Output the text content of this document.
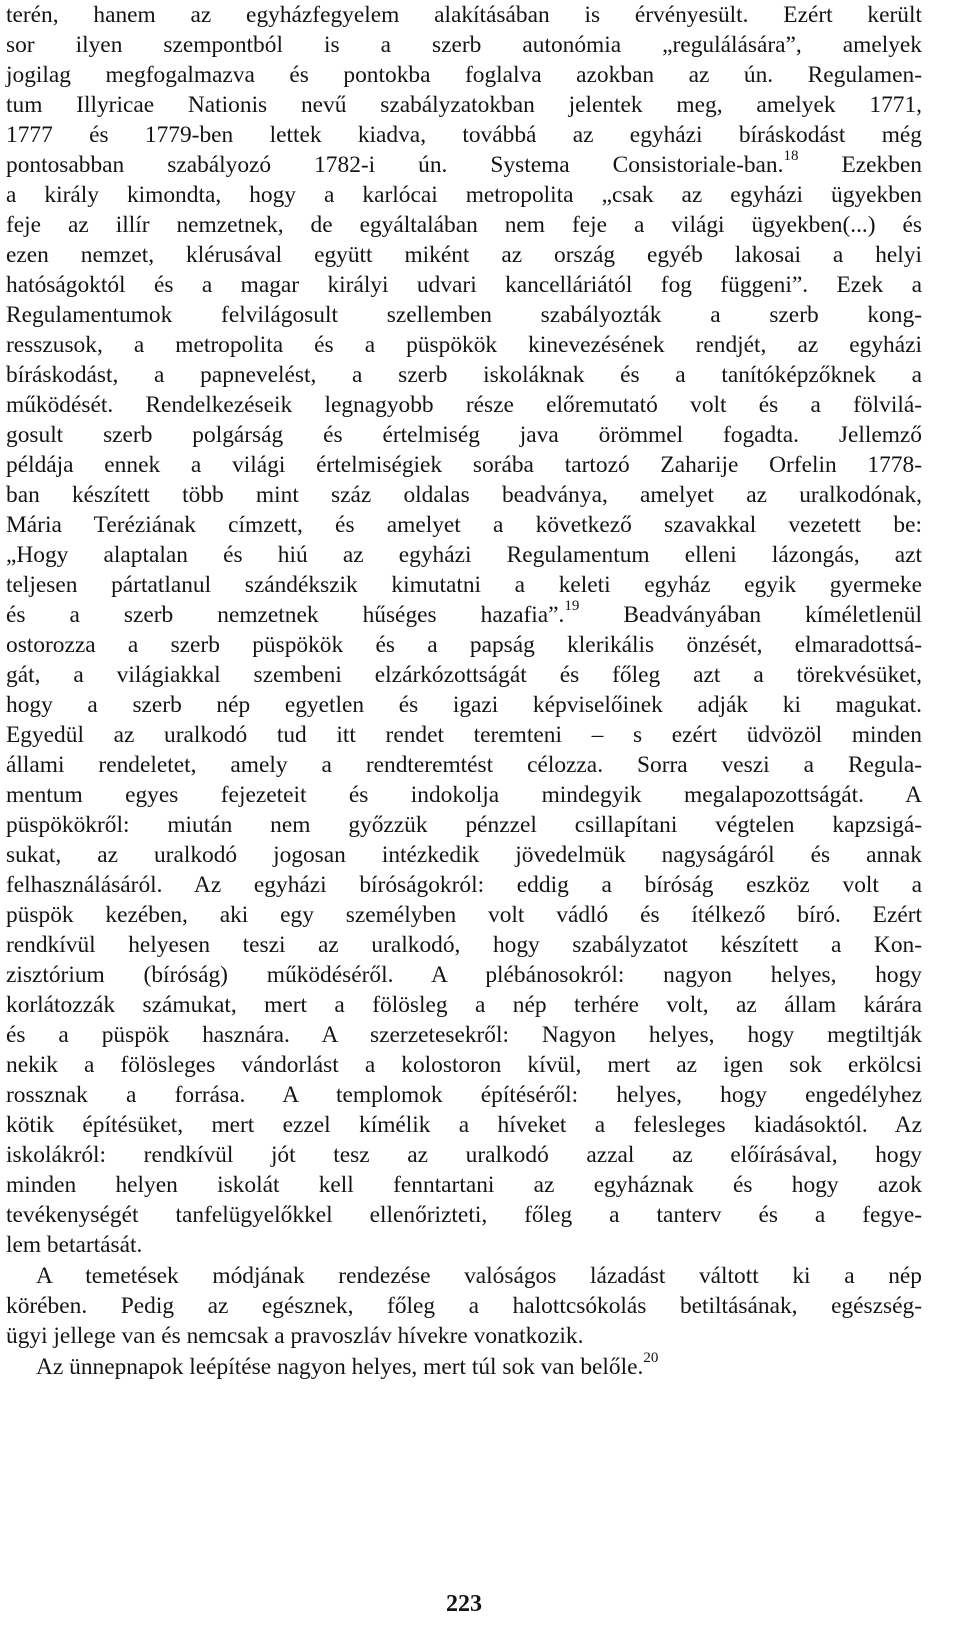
terén, hanem az egyházfegyelem alakításában is érvényesült. Ezért került
sor ilyen szempontból is a szerb autonómia „regulálására”, amelyek
jogilag megfogalmazva és pontokba foglalva azokban az ún. Regulamen-
tum Illyricae Nationis nevű szabályzatokban jelentek meg, amelyek 1771,
1777 és 1779-ben lettek kiadva, továbbá az egyházi bíráskodást még
pontosabban szabályozó 1782-i ún. Systema Consistoriale-ban.$^{18}$ Ezekben
a király kimondta, hogy a karlócai metropolita „csak az egyházi ügyekben
feje az illír nemzetnek, de egyáltalában nem feje a világi ügyekben(...) és
ezen nemzet, klérusával együtt miként az ország egyéb lakosai a helyi
hatóságoktól és a magar királyi udvari kancelláriától fog függeni”. Ezek a
Regulamentumok felvilágosult szellemben szabályozták a szerb kong-
resszusok, a metropolita és a püspökök kinevezésének rendjét, az egyházi
bíráskodást, a papnevelést, a szerb iskoláknak és a tanítóképzőknek a
működését. Rendelkezéseik legnagyobb része előremutató volt és a fölvilá-
gosult szerb polgárság és értelmiség java örömmel fogadta. Jellemző
példája ennek a világi értelmiségiek sorába tartozó Zaharije Orfelin 1778-
ban készített több mint száz oldalas beadványa, amelyet az uralkodónak,
Mária Teréziának címzett, és amelyet a következő szavakkal vezetett be:
„Hogy alaptalan és hiú az egyházi Regulamentum elleni lázongás, azt
teljesen pártatlanul szándékszik kimutatni a keleti egyház egyik gyermeke
és a szerb nemzetnek hűséges hazafia”.$^{19}$ Beadványában kíméletlenül
ostorozza a szerb püspökök és a papság klerikális önzését, elmaradottsá-
gát, a világiakkal szembeni elzárkózottságát és főleg azt a törekvésüket,
hogy a szerb nép egyetlen és igazi képviselőinek adják ki magukat.
Egyedül az uralkodó tud itt rendet teremteni – s ezért üdvözöl minden
állami rendeletet, amely a rendteremtést célozza. Sorra veszi a Regula-
mentum egyes fejezeteit és indokolja mindegyik megalapozottságát. A
püspökökről: miután nem győzzük pénzzel csillapítani végtelen kapzsigá-
sukat, az uralkodó jogosan intézkedik jövedelmük nagyságáról és annak
felhasználásáról. Az egyházi bíróságokról: eddig a bíróság eszköz volt a
püspök kezében, aki egy személyben volt vádló és ítélkező bíró. Ezért
rendkívül helyesen teszi az uralkodó, hogy szabályzatot készített a Kon-
zisztórium (bíróság) működéséről. A plébánosokról: nagyon helyes, hogy
korlátozzák számukat, mert a fölösleg a nép terhére volt, az állam kárára
és a püspök hasznára. A szerzetesekről: Nagyon helyes, hogy megtiltják
nekik a fölösleges vándorlást a kolostoron kívül, mert az igen sok erkölcsi
rossznak a forrása. A templomok építéséről: helyes, hogy engedélyhez
kötik építésüket, mert ezzel kímélik a híveket a felesleges kiadásoktól. Az
iskolákról: rendkívül jót tesz az uralkodó azzal az előírásával, hogy
minden helyen iskolát kell fenntartani az egyháznak és hogy azok
tevékenységét tanfelügyelőkkel ellenőrizteti, főleg a tanterv és a fegye-
lem betartását.
A temetések módjának rendezése valóságos lázadást váltott ki a nép
körében. Pedig az egésznek, főleg a halottcsókolás betiltásának, egészség-
ügyi jellege van és nemcsak a pravoszláv hívekre vonatkozik.
Az ünnepnapok leépítése nagyon helyes, mert túl sok van belőle.$^{20}$
223
